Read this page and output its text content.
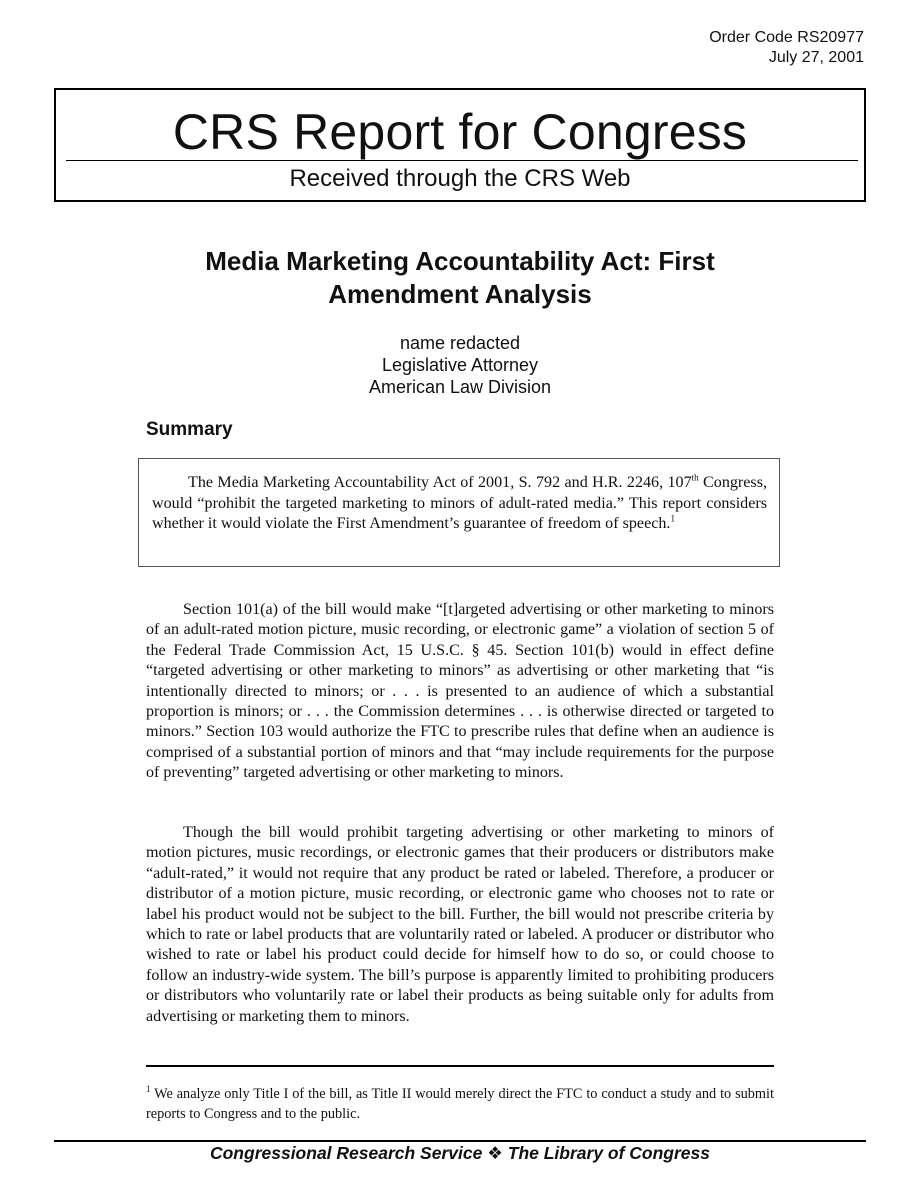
Order Code RS20977
July 27, 2001
CRS Report for Congress
Received through the CRS Web
Media Marketing Accountability Act: First Amendment Analysis
name redacted
Legislative Attorney
American Law Division
Summary

The Media Marketing Accountability Act of 2001, S. 792 and H.R. 2246, 107th Congress, would “prohibit the targeted marketing to minors of adult-rated media.” This report considers whether it would violate the First Amendment’s guarantee of freedom of speech.$^1$

Section 101(a) of the bill would make “[t]argeted advertising or other marketing to minors of an adult-rated motion picture, music recording, or electronic game” a violation of section 5 of the Federal Trade Commission Act, 15 U.S.C. § 45. Section 101(b) would in effect define “targeted advertising or other marketing to minors” as advertising or other marketing that “is intentionally directed to minors; or . . . is presented to an audience of which a substantial proportion is minors; or . . . the Commission determines . . . is otherwise directed or targeted to minors.” Section 103 would authorize the FTC to prescribe rules that define when an audience is comprised of a substantial portion of minors and that “may include requirements for the purpose of preventing” targeted advertising or other marketing to minors.

Though the bill would prohibit targeting advertising or other marketing to minors of motion pictures, music recordings, or electronic games that their producers or distributors make “adult-rated,” it would not require that any product be rated or labeled. Therefore, a producer or distributor of a motion picture, music recording, or electronic game who chooses not to rate or label his product would not be subject to the bill. Further, the bill would not prescribe criteria by which to rate or label products that are voluntarily rated or labeled. A producer or distributor who wished to rate or label his product could decide for himself how to do so, or could choose to follow an industry-wide system. The bill’s purpose is apparently limited to prohibiting producers or distributors who voluntarily rate or label their products as being suitable only for adults from advertising or marketing them to minors.

$^1$ We analyze only Title I of the bill, as Title II would merely direct the FTC to conduct a study and to submit reports to Congress and to the public.

Congressional Research Service ❖ The Library of Congress
